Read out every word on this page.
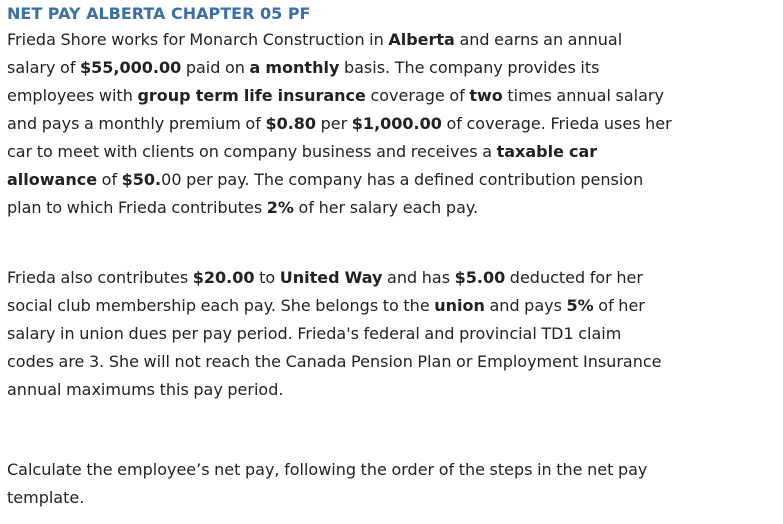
NET PAY ALBERTA CHAPTER 05 PF

Frieda Shore works for Monarch Construction in Alberta and earns an annual
salary of $55,000.00 paid on a monthly basis. The company provides its
employees with group term life insurance coverage of two times annual salary
and pays a monthly premium of $0.80 per $1,000.00 of coverage. Frieda uses her
car to meet with clients on company business and receives a taxable car
allowance of $50.00 per pay. The company has a defined contribution pension
plan to which Frieda contributes 2% of her salary each pay.

Frieda also contributes $20.00 to United Way and has $5.00 deducted for her
social club membership each pay. She belongs to the union and pays 5% of her
salary in union dues per pay period. Frieda's federal and provincial TD1 claim
codes are 3. She will not reach the Canada Pension Plan or Employment Insurance
annual maximums this pay period.

Calculate the employee’s net pay, following the order of the steps in the net pay
template.
